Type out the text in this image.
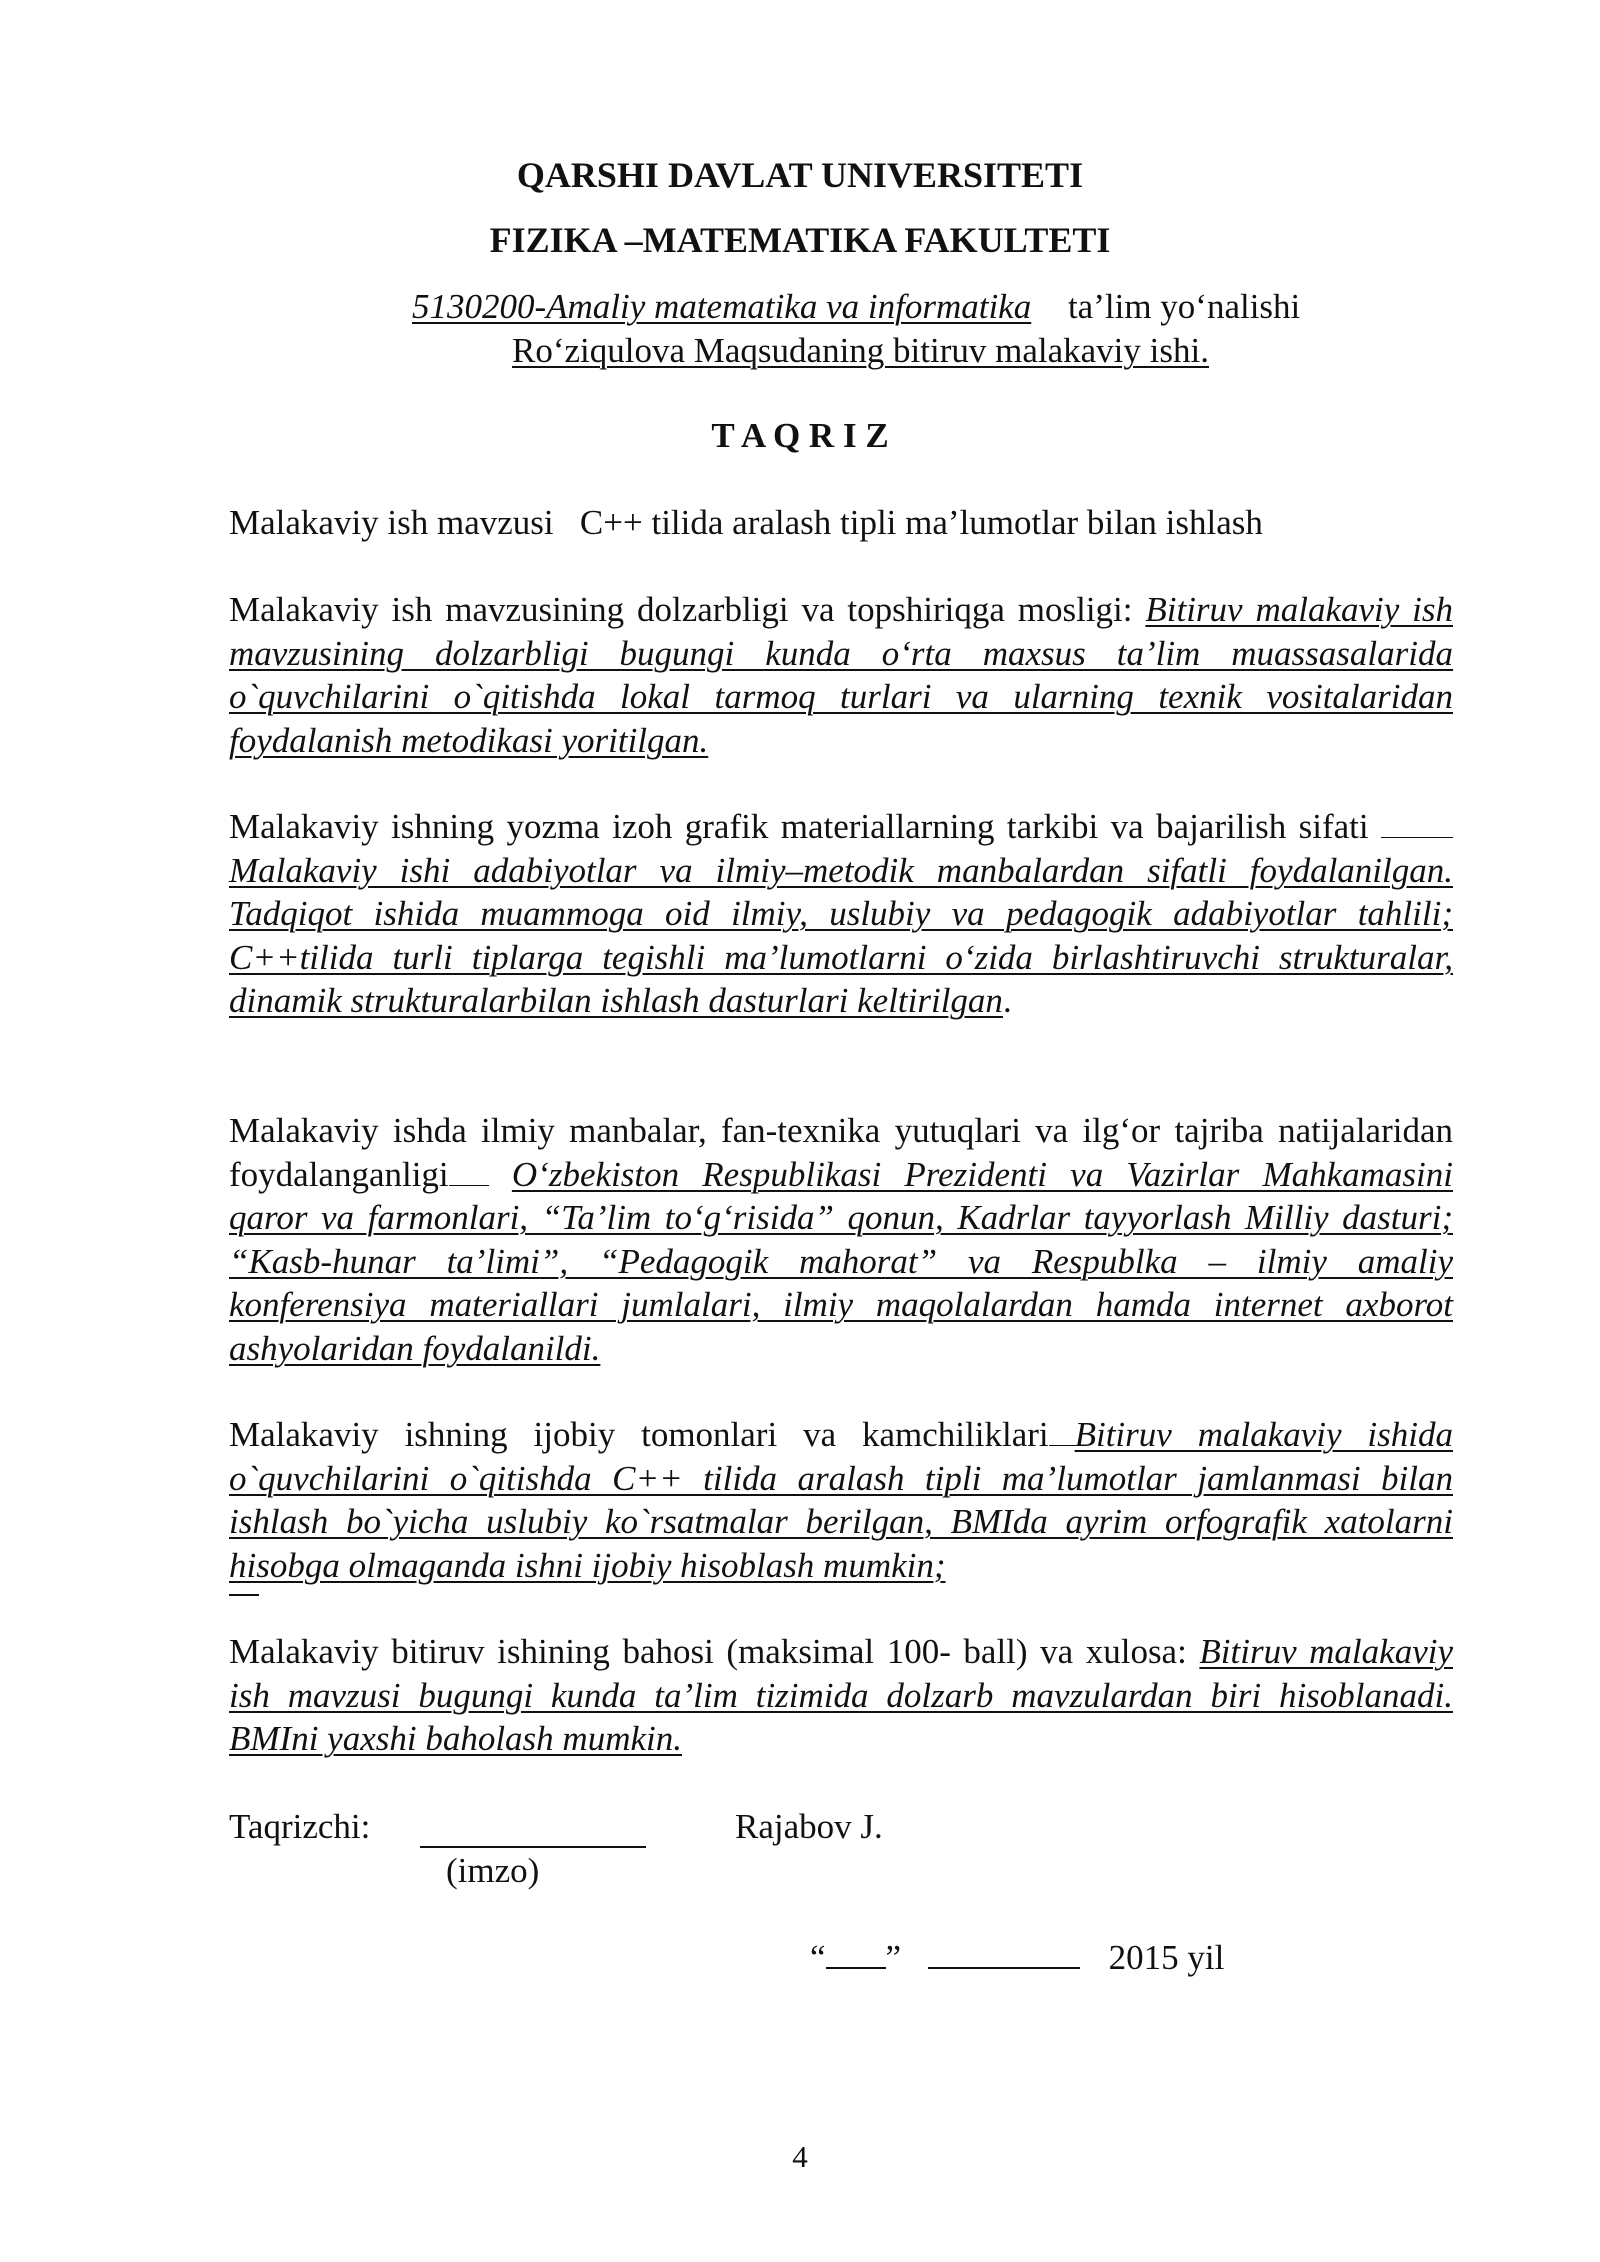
QARSHI DAVLAT UNIVERSITETI
FIZIKA –MATEMATIKA FAKULTETI
5130200-Amaliy matematika va informatika ta’lim yo‘nalishi
Ro‘ziqulova Maqsudaning bitiruv malakaviy ishi.
T A Q R I Z
Malakaviy ish mavzusi C++ tilida aralash tipli ma’lumotlar bilan ishlash
Malakaviy ish mavzusining dolzarbligi va topshiriqga mosligi: Bitiruv malakaviy ish mavzusining dolzarbligi bugungi kunda o‘rta maxsus ta’lim muassasalarida o`quvchilarini o`qitishda lokal tarmoq turlari va ularning texnik vositalaridan foydalanish metodikasi yoritilgan.
Malakaviy ishning yozma izoh grafik materiallarning tarkibi va bajarilish sifati Malakaviy ishi adabiyotlar va ilmiy–metodik manbalardan sifatli foydalanilgan. Tadqiqot ishida muammoga oid ilmiy, uslubiy va pedagogik adabiyotlar tahlili; C++tilida turli tiplarga tegishli ma’lumotlarni o‘zida birlashtiruvchi strukturalar, dinamik strukturalarbilan ishlash dasturlari keltirilgan.
Malakaviy ishda ilmiy manbalar, fan-texnika yutuqlari va ilg‘or tajriba natijalaridan foydalanganligi O‘zbekiston Respublikasi Prezidenti va Vazirlar Mahkamasini qaror va farmonlari, “Ta’lim to‘g‘risida” qonun, Kadrlar tayyorlash Milliy dasturi; “Kasb-hunar ta’limi”, “Pedagogik mahorat” va Respublka – ilmiy amaliy konferensiya materiallari jumlalari, ilmiy maqolalardan hamda internet axborot ashyolaridan foydalanildi.
Malakaviy ishning ijobiy tomonlari va kamchiliklari Bitiruv malakaviy ishida o`quvchilarini o`qitishda C++ tilida aralash tipli ma’lumotlar jamlanmasi bilan ishlash bo`yicha uslubiy ko`rsatmalar berilgan, BMIda ayrim orfografik xatolarni hisobga olmaganda ishni ijobiy hisoblash mumkin;
Malakaviy bitiruv ishining bahosi (maksimal 100- ball) va xulosa: Bitiruv malakaviy ish mavzusi bugungi kunda ta’lim tizimida dolzarb mavzulardan biri hisoblanadi. BMIni yaxshi baholash mumkin.
Taqrizchi:	Rajabov J.
(imzo)
“ ”	2015 yil
4
